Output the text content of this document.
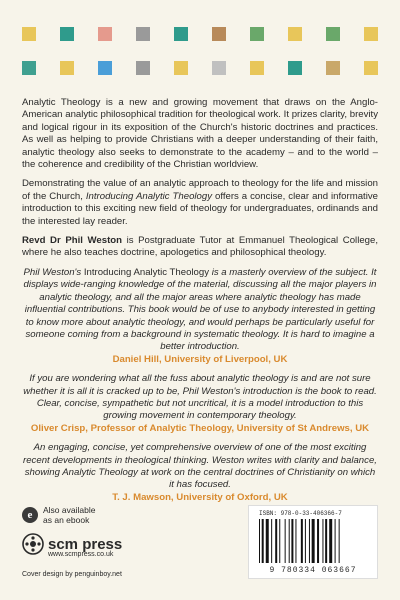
Analytic Theology is a new and growing movement that draws on the Anglo-American analytic philosophical tradition for theological work. It prizes clarity, brevity and logical rigour in its exposition of the Church's historic doctrines and practices. As well as helping to provide Christians with a deeper understanding of their faith, analytic theology also seeks to demonstrate to the academy – and to the world – the coherence and credibility of the Christian worldview.

Demonstrating the value of an analytic approach to theology for the life and mission of the Church, Introducing Analytic Theology offers a concise, clear and informative introduction to this exciting new field of theology for undergraduates, ordinands and the interested lay reader.

Revd Dr Phil Weston is Postgraduate Tutor at Emmanuel Theological College, where he also teaches doctrine, apologetics and philosophical theology.

Phil Weston's Introducing Analytic Theology is a masterly overview of the subject. It displays wide-ranging knowledge of the material, discussing all the major players in analytic theology, and all the major areas where analytic theology has made influential contributions. This book would be of use to anybody interested in getting to know more about analytic theology, and would perhaps be particularly useful for someone coming from a background in systematic theology. It is hard to imagine a better introduction.

Daniel Hill, University of Liverpool, UK

If you are wondering what all the fuss about analytic theology is and are not sure whether it is all it is cracked up to be, Phil Weston's introduction is the book to read. Clear, concise, sympathetic but not uncritical, it is a model introduction to this growing movement in contemporary theology.

Oliver Crisp, Professor of Analytic Theology, University of St Andrews, UK

An engaging, concise, yet comprehensive overview of one of the most exciting recent developments in theological thinking. Weston writes with clarity and balance, showing Analytic Theology at work on the central doctrines of Christianity on which it has focused.

T. J. Mawson, University of Oxford, UK

e	Also available as an ebook
scm press
www.scmpress.co.uk
Cover design by penguinboy.net
ISBN: 978-0-33-406366-7
9 780334 063667
